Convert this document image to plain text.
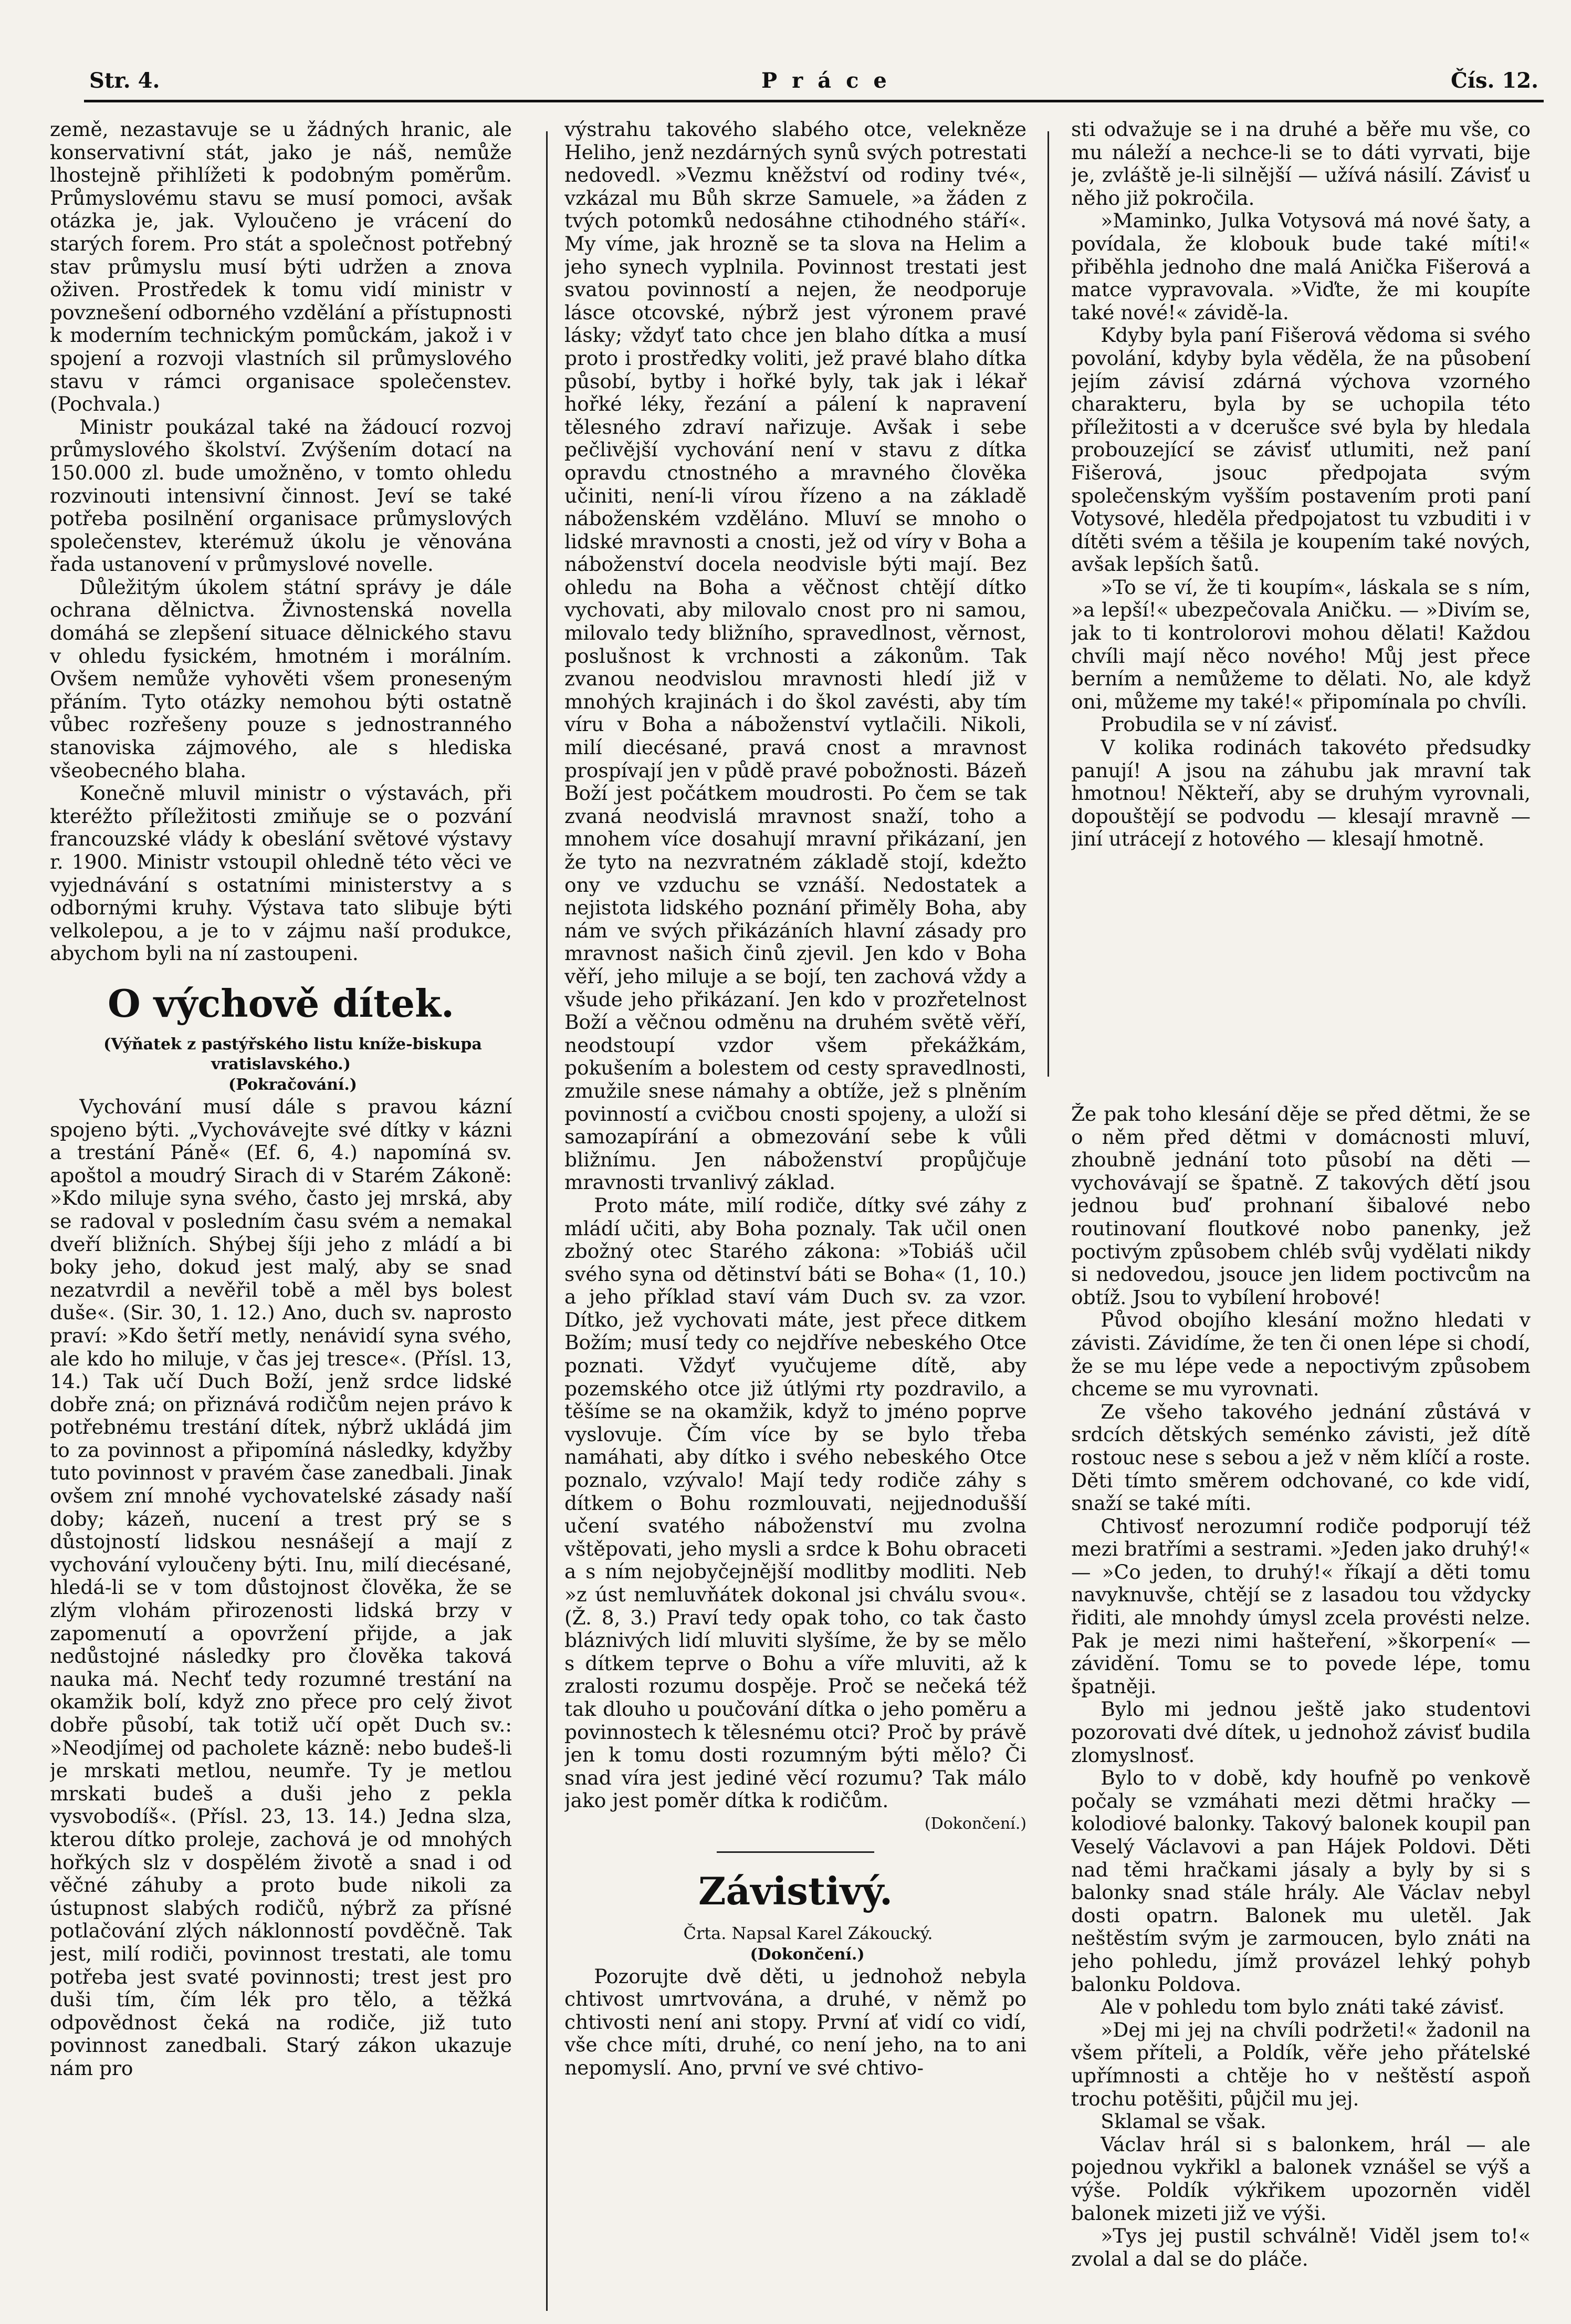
Str. 4.	Práce	Čís. 12.

země, nezastavuje se u žádných hranic, ale konservativní stát, jako je náš, nemůže lhostejně přihlížeti k podobným poměrům. Průmyslovému stavu se musí pomoci, avšak otázka je, jak. Vyloučeno je vrácení do starých forem. Pro stát a společnost potřebný stav průmyslu musí býti udržen a znova oživen. Prostředek k tomu vidí ministr v povznešení odborného vzdělání a přístupnosti k moderním technickým pomůckám, jakož i v spojení a rozvoji vlastních sil průmyslového stavu v rámci organisace společenstev. (Pochvala.)

Ministr poukázal také na žádoucí rozvoj průmyslového školství. Zvýšením dotací na 150.000 zl. bude umožněno, v tomto ohledu rozvinouti intensivní činnost. Jeví se také potřeba posilnění organisace průmyslových společenstev, kterémuž úkolu je věnována řada ustanovení v průmyslové novelle.

Důležitým úkolem státní správy je dále ochrana dělnictva. Živnostenská novella domáhá se zlepšení situace dělnického stavu v ohledu fysickém, hmotném i morálním. Ovšem nemůže vyhověti všem proneseným přáním. Tyto otázky nemohou býti ostatně vůbec rozřešeny pouze s jednostranného stanoviska zájmového, ale s hlediska všeobecného blaha.

Konečně mluvil ministr o výstavách, při kteréžto příležitosti zmiňuje se o pozvání francouzské vlády k obeslání světové výstavy r. 1900. Ministr vstoupil ohledně této věci ve vyjednávání s ostatními ministerstvy a s odbornými kruhy. Výstava tato slibuje býti velkolepou, a je to v zájmu naší produkce, abychom byli na ní zastoupeni.

O výchově dítek.

(Výňatek z pastýřského listu kníže-biskupa vratislavského.)

(Pokračování.)

Vychování musí dále s pravou kázní spojeno býti. „Vychovávejte své dítky v kázni a trestání Páně« (Ef. 6, 4.) napomíná sv. apoštol a moudrý Sirach di v Starém Zákoně: »Kdo miluje syna svého, často jej mrská, aby se radoval v posledním času svém a nemakal dveří bližních. Shýbej šíji jeho z mládí a bi boky jeho, dokud jest malý, aby se snad nezatvrdil a nevěřil tobě a měl bys bolest duše«. (Sir. 30, 1. 12.) Ano, duch sv. naprosto praví: »Kdo šetří metly, nenávidí syna svého, ale kdo ho miluje, v čas jej tresce«. (Přísl. 13, 14.) Tak učí Duch Boží, jenž srdce lidské dobře zná; on přiznává rodičům nejen právo k potřebnému trestání dítek, nýbrž ukládá jim to za povinnost a připomíná následky, kdyžby tuto povinnost v pravém čase zanedbali. Jinak ovšem zní mnohé vychovatelské zásady naší doby; kázeň, nucení a trest prý se s důstojností lidskou nesnášejí a mají z vychování vyloučeny býti. Inu, milí diecésané, hledá-li se v tom důstojnost člověka, že se zlým vlohám přirozenosti lidská brzy v zapomenutí a opovržení přijde, a jak nedůstojné následky pro člověka taková nauka má. Nechť tedy rozumné trestání na okamžik bolí, když zno přece pro celý život dobře působí, tak totiž učí opět Duch sv.: »Neodjímej od pacholete kázně: nebo budeš-li je mrskati metlou, neumře. Ty je metlou mrskati budeš a duši jeho z pekla vysvobodíš«. (Přísl. 23, 13. 14.) Jedna slza, kterou dítko proleje, zachová je od mnohých hořkých slz v dospělém životě a snad i od věčné záhuby a proto bude nikoli za ústupnost slabých rodičů, nýbrž za přísné potlačování zlých náklonností povděčně. Tak jest, milí rodiči, povinnost trestati, ale tomu potřeba jest svaté povinnosti; trest jest pro duši tím, čím lék pro tělo, a těžká odpovědnost čeká na rodiče, již tuto povinnost zanedbali. Starý zákon ukazuje nám pro

výstrahu takového slabého otce, velekněze Heliho, jenž nezdárných synů svých potrestati nedovedl. »Vezmu kněžství od rodiny tvé«, vzkázal mu Bůh skrze Samuele, »a žáden z tvých potomků nedosáhne ctihodného stáří«. My víme, jak hrozně se ta slova na Helim a jeho synech vyplnila. Povinnost trestati jest svatou povinností a nejen, že neodporuje lásce otcovské, nýbrž jest výronem pravé lásky; vždyť tato chce jen blaho dítka a musí proto i prostředky voliti, jež pravé blaho dítka působí, bytby i hořké byly, tak jak i lékař hořké léky, řezání a pálení k napravení tělesného zdraví nařizuje. Avšak i sebe pečlivější vychování není v stavu z dítka opravdu ctnostného a mravného člověka učiniti, není-li vírou řízeno a na základě náboženském vzděláno. Mluví se mnoho o lidské mravnosti a cnosti, jež od víry v Boha a náboženství docela neodvisle býti mají. Bez ohledu na Boha a věčnost chtějí dítko vychovati, aby milovalo cnost pro ni samou, milovalo tedy bližního, spravedlnost, věrnost, poslušnost k vrchnosti a zákonům. Tak zvanou neodvislou mravnosti hledí již v mnohých krajinách i do škol zavésti, aby tím víru v Boha a náboženství vytlačili. Nikoli, milí diecésané, pravá cnost a mravnost prospívají jen v půdě pravé pobožnosti. Bázeň Boží jest počátkem moudrosti. Po čem se tak zvaná neodvislá mravnost snaží, toho a mnohem více dosahují mravní přikázaní, jen že tyto na nezvratném základě stojí, kdežto ony ve vzduchu se vznáší. Nedostatek a nejistota lidského poznání přiměly Boha, aby nám ve svých přikázáních hlavní zásady pro mravnost našich činů zjevil. Jen kdo v Boha věří, jeho miluje a se bojí, ten zachová vždy a všude jeho přikázaní. Jen kdo v prozřetelnost Boží a věčnou odměnu na druhém světě věří, neodstoupí vzdor všem překážkám, pokušením a bolestem od cesty spravedlnosti, zmužile snese námahy a obtíže, jež s plněním povinností a cvičbou cnosti spojeny, a uloží si samozapírání a obmezování sebe k vůli bližnímu. Jen náboženství propůjčuje mravnosti trvanlivý základ.

Proto máte, milí rodiče, dítky své záhy z mládí učiti, aby Boha poznaly. Tak učil onen zbožný otec Starého zákona: »Tobiáš učil svého syna od dětinství báti se Boha« (1, 10.) a jeho příklad staví vám Duch sv. za vzor. Dítko, jež vychovati máte, jest přece ditkem Božím; musí tedy co nejdříve nebeského Otce poznati. Vždyť vyučujeme dítě, aby pozemského otce již útlými rty pozdravilo, a těšíme se na okamžik, když to jméno poprve vyslovuje. Čím více by se bylo třeba namáhati, aby dítko i svého nebeského Otce poznalo, vzývalo! Mají tedy rodiče záhy s dítkem o Bohu rozmlouvati, nejjednodušší učení svatého náboženství mu zvolna vštěpovati, jeho mysli a srdce k Bohu obraceti a s ním nejobyčejnější modlitby modliti. Neb »z úst nemluvňátek dokonal jsi chválu svou«. (Ž. 8, 3.) Praví tedy opak toho, co tak často bláznivých lidí mluviti slyšíme, že by se mělo s dítkem teprve o Bohu a víře mluviti, až k zralosti rozumu dospěje. Proč se nečeká též tak dlouho u poučování dítka o jeho poměru a povinnostech k tělesnému otci? Proč by právě jen k tomu dosti rozumným býti mělo? Či snad víra jest jediné věcí rozumu? Tak málo jako jest poměr dítka k rodičům.

(Dokončení.)

Závistivý.

Črta. Napsal Karel Zákoucký.

(Dokončení.)

Pozorujte dvě děti, u jednohož nebyla chtivost umrtvována, a druhé, v němž po chtivosti není ani stopy. První ať vidí co vidí, vše chce míti, druhé, co není jeho, na to ani nepomyslí. Ano, první ve své chtivo-

sti odvažuje se i na druhé a běře mu vše, co mu náleží a nechce-li se to dáti vyrvati, bije je, zvláště je-li silnější — užívá násilí. Závisť u něho již pokročila.

»Maminko, Julka Votysová má nové šaty, a povídala, že klobouk bude také míti!« přiběhla jednoho dne malá Anička Fišerová a matce vypravovala. »Viďte, že mi koupíte také nové!« závidě-la.

Kdyby byla paní Fišerová vědoma si svého povolání, kdyby byla věděla, že na působení jejím závisí zdárná výchova vzorného charakteru, byla by se uchopila této příležitosti a v dcerušce své byla by hledala probouzející se závisť utlumiti, než paní Fišerová, jsouc předpojata svým společenským vyšším postavením proti paní Votysové, hleděla předpojatost tu vzbuditi i v dítěti svém a těšila je koupením také nových, avšak lepších šatů.

»To se ví, že ti koupím«, láskala se s ním, »a lepší!« ubezpečovala Aničku. — »Divím se, jak to ti kontrolorovi mohou dělati! Každou chvíli mají něco nového! Můj jest přece berním a nemůžeme to dělati. No, ale když oni, můžeme my také!« připomínala po chvíli.

Probudila se v ní závisť.

V kolika rodinách takovéto předsudky panují! A jsou na záhubu jak mravní tak hmotnou! Někteří, aby se druhým vyrovnali, dopouštějí se podvodu — klesají mravně — jiní utrácejí z hotového — klesají hmotně.

Že pak toho klesání děje se před dětmi, že se o něm před dětmi v domácnosti mluví, zhoubně jednání toto působí na děti — vychovávají se špatně. Z takových dětí jsou jednou buď prohnaní šibalové nebo routinovaní floutkové nobo panenky, jež poctivým způsobem chléb svůj vydělati nikdy si nedovedou, jsouce jen lidem poctivcům na obtíž. Jsou to vybílení hrobové!

Původ obojího klesání možno hledati v závisti. Závidíme, že ten či onen lépe si chodí, že se mu lépe vede a nepoctivým způsobem chceme se mu vyrovnati.

Ze všeho takového jednání zůstává v srdcích dětských seménko závisti, jež dítě rostouc nese s sebou a jež v něm klíčí a roste. Děti tímto směrem odchované, co kde vidí, snaží se také míti.

Chtivosť nerozumní rodiče podporují též mezi bratřími a sestrami. »Jeden jako druhý!« — »Co jeden, to druhý!« říkají a děti tomu navyknuvše, chtějí se z lasadou tou vždycky řiditi, ale mnohdy úmysl zcela provésti nelze. Pak je mezi nimi hašteření, »škorpení« — závidění. Tomu se to povede lépe, tomu špatněji.

Bylo mi jednou ještě jako studentovi pozorovati dvé dítek, u jednohož závisť budila zlomyslnosť.

Bylo to v době, kdy houfně po venkově počaly se vzmáhati mezi dětmi hračky — kolodiové balonky. Takový balonek koupil pan Veselý Václavovi a pan Hájek Poldovi. Děti nad těmi hračkami jásaly a byly by si s balonky snad stále hrály. Ale Václav nebyl dosti opatrn. Balonek mu uletěl. Jak neštěstím svým je zarmoucen, bylo znáti na jeho pohledu, jímž provázel lehký pohyb balonku Poldova.

Ale v pohledu tom bylo znáti také závisť.

»Dej mi jej na chvíli podržeti!« žadonil na všem příteli, a Poldík, věře jeho přátelské upřímnosti a chtěje ho v neštěstí aspoň trochu potěšiti, půjčil mu jej.

Sklamal se však.

Václav hrál si s balonkem, hrál — ale pojednou vykřikl a balonek vznášel se výš a výše. Poldík výkřikem upozorněn viděl balonek mizeti již ve výši.

»Tys jej pustil schválně! Viděl jsem to!« zvolal a dal se do pláče.
